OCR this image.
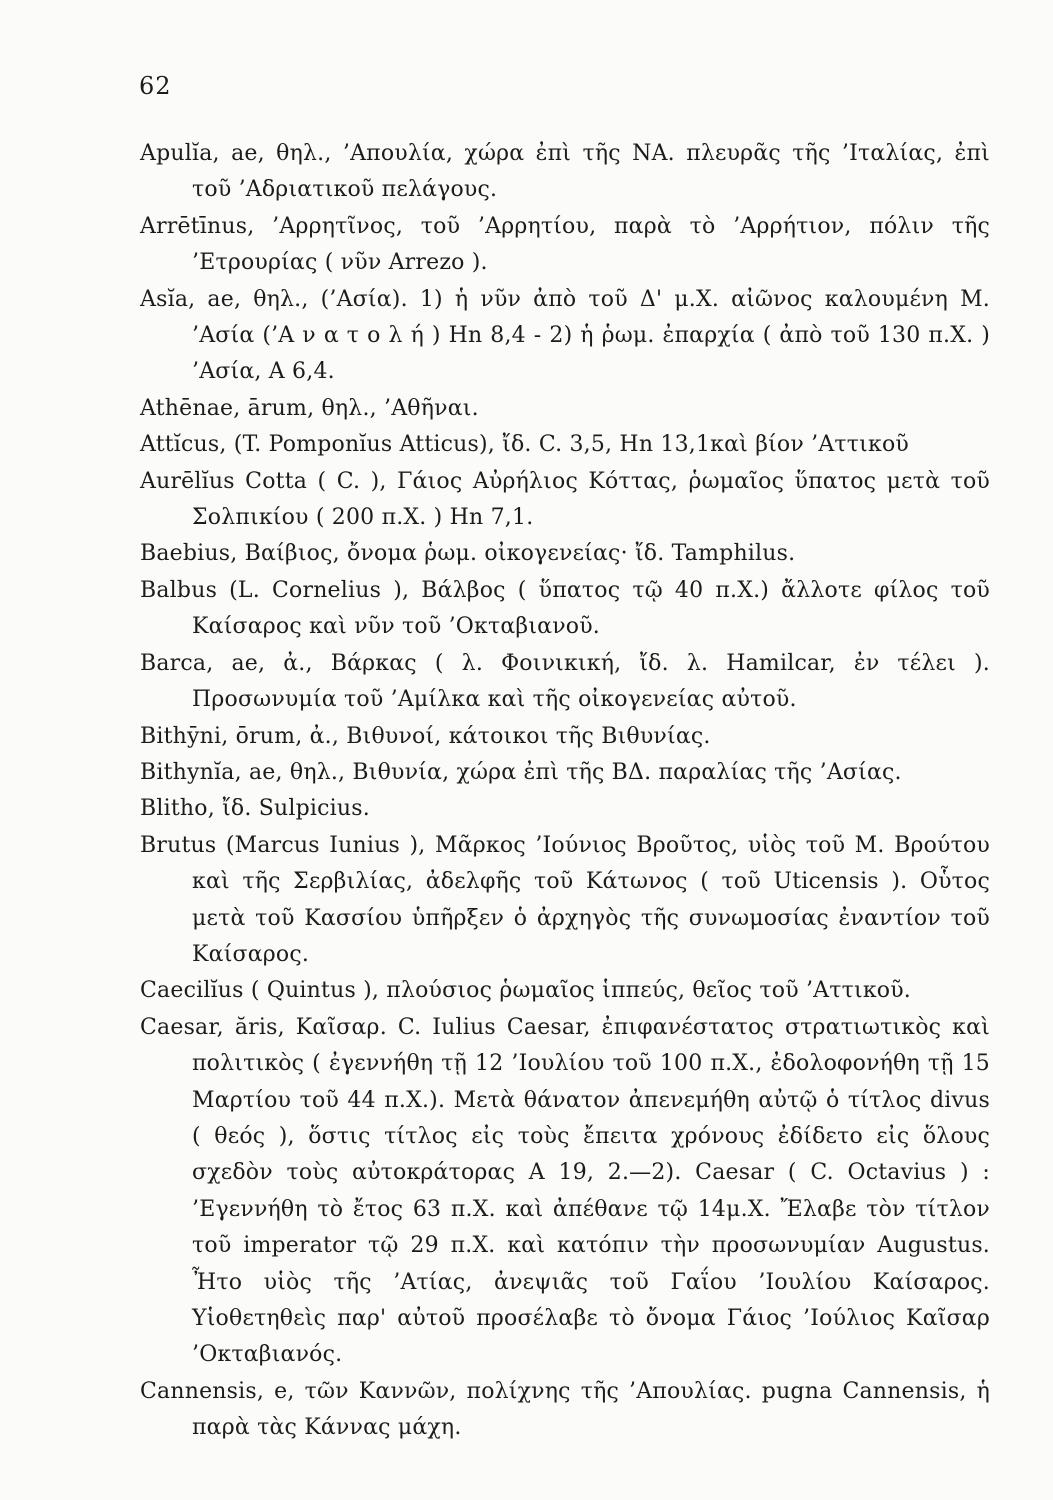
62
Apulĭa, ae, θηλ., ’Απουλία, χώρα ἐπὶ τῆς ΝΑ. πλευρᾶς τῆς ’Ιταλίας, ἐπὶ τοῦ ’Αδριατικοῦ πελάγους.
Arrētīnus, ’Αρρητῖνος, τοῦ ’Αρρητίου, παρὰ τὸ ’Αρρήτιον, πόλιν τῆς ’Ετρουρίας ( νῦν Arrezo ).
Asĭa, ae, θηλ., (’Ασία). 1) ἡ νῦν ἀπὸ τοῦ Δ' μ.Χ. αἰῶνος καλουμένη Μ. ’Ασία (’Α ν α τ ο λ ή ) Hn 8,4 - 2) ἡ ῥωμ. ἐπαρχία ( ἀπὸ τοῦ 130 π.Χ. ) ’Ασία, Α 6,4.
Athēnae, ārum, θηλ., ’Αθῆναι.
Attĭcus, (T. Pomponĭus Atticus), ἴδ. C. 3,5, Hn 13,1καὶ βίον ’Αττικοῦ
Aurēlĭus Cotta ( C. ), Γάιος Αὐρήλιος Κόττας, ῥωμαῖος ὕπατος μετὰ τοῦ Σολπικίου ( 200 π.Χ. ) Hn 7,1.
Baebius, Βαίβιος, ὄνομα ῥωμ. οἰκογενείας· ἴδ. Tamphilus.
Balbus (L. Cornelius ), Βάλβος ( ὕπατος τῷ 40 π.Χ.) ἄλλοτε φίλος τοῦ Καίσαρος καὶ νῦν τοῦ ’Οκταβιανοῦ.
Barca, ae, ἀ., Βάρκας ( λ. Φοινικική, ἴδ. λ. Hamilcar, ἐν τέλει ). Προσωνυμία τοῦ ’Αμίλκα καὶ τῆς οἰκογενείας αὐτοῦ.
Bithȳni, ōrum, ἀ., Βιθυνοί, κάτοικοι τῆς Βιθυνίας.
Bithynĭa, ae, θηλ., Βιθυνία, χώρα ἐπὶ τῆς ΒΔ. παραλίας τῆς ’Ασίας.
Blitho, ἴδ. Sulpicius.
Brutus (Marcus Iunius ), Μᾶρκος ’Ιούνιος Βροῦτος, υἱὸς τοῦ Μ. Βρούτου καὶ τῆς Σερβιλίας, ἀδελφῆς τοῦ Κάτωνος ( τοῦ Uticensis ). Οὗτος μετὰ τοῦ Κασσίου ὑπῆρξεν ὁ ἀρχηγὸς τῆς συνωμοσίας ἐναντίον τοῦ Καίσαρος.
Caecilĭus ( Quintus ), πλούσιος ῥωμαῖος ἱππεύς, θεῖος τοῦ ’Αττικοῦ.
Caesar, ăris, Καῖσαρ. C. Iulius Caesar, ἐπιφανέστατος στρατιωτικὸς καὶ πολιτικὸς ( ἐγεννήθη τῇ 12 ’Ιουλίου τοῦ 100 π.Χ., ἐδολοφονήθη τῇ 15 Μαρτίου τοῦ 44 π.Χ.). Μετὰ θάνατον ἀπενεμήθη αὐτῷ ὁ τίτλος divus ( θεός ), ὅστις τίτλος εἰς τοὺς ἔπειτα χρόνους ἐδίδετο εἰς ὅλους σχεδὸν τοὺς αὐτοκράτορας Α 19, 2.—2). Caesar ( C. Octavius ) : ’Εγεννήθη τὸ ἔτος 63 π.Χ. καὶ ἀπέθανε τῷ 14μ.Χ. Ἔλαβε τὸν τίτλον τοῦ imperator τῷ 29 π.Χ. καὶ κατόπιν τὴν προσωνυμίαν Augustus. Ἦτο υἱὸς τῆς ’Ατίας, ἀνεψιᾶς τοῦ Γαΐου ’Ιουλίου Καίσαρος. Υἱοθετηθεὶς παρ' αὐτοῦ προσέλαβε τὸ ὄνομα Γάιος ’Ιούλιος Καῖσαρ ’Οκταβιανός.
Cannensis, e, τῶν Καννῶν, πολίχνης τῆς ’Απουλίας. pugna Cannensis, ἡ παρὰ τὰς Κάννας μάχη.
